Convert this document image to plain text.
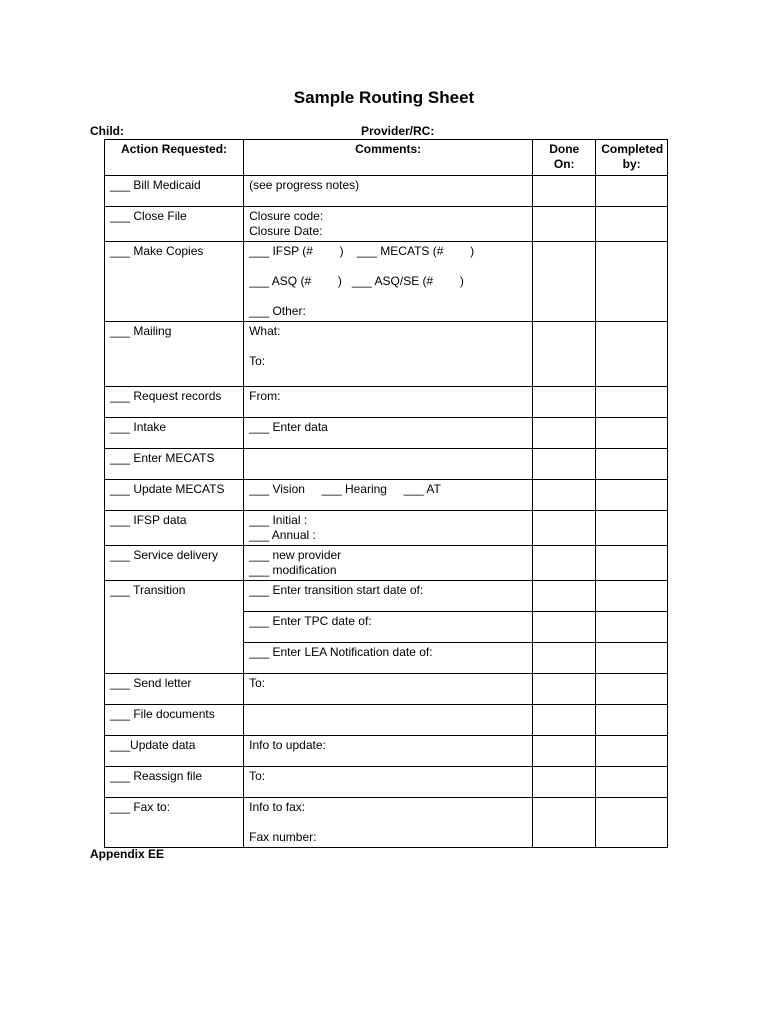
Sample Routing Sheet
Child:	Provider/RC:
Action Requested:	Comments:	Done On:	Completed by:
___ Bill Medicaid	(see progress notes)		

___ Close File	Closure code:
Closure Date:		

___ Make Copies	___ IFSP (#        )    ___ MECATS (#        )
___ ASQ (#        )   ___ ASQ/SE (#        )
___ Other:		

___ Mailing	What:
To:		

___ Request records	From:		

___ Intake	___ Enter data		

___ Enter MECATS	

___ Update MECATS	___ Vision     ___ Hearing     ___ AT		

___ IFSP data	___ Initial :
___ Annual :		

___ Service delivery	___ new provider
___ modification		

___ Transition	___ Enter transition start date of:		

	___ Enter TPC date of:		

	___ Enter LEA Notification date of:		

___ Send letter	To:		

___ File documents	

___Update data	Info to update:		

___ Reassign file	To:		

___ Fax to:	Info to fax:
Fax number:		

Appendix EE
